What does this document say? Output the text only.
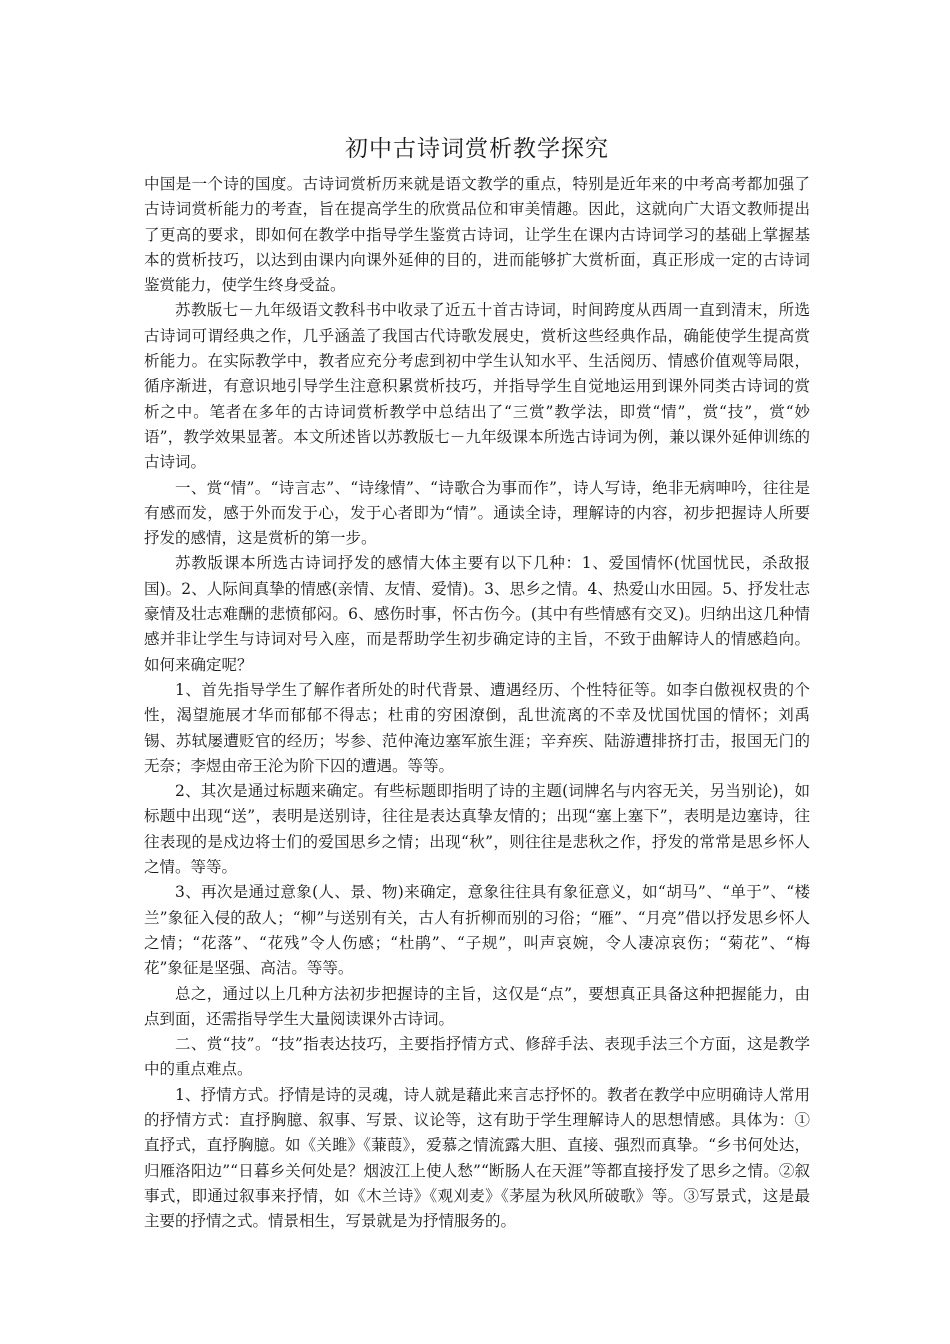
初中古诗词赏析教学探究

中国是一个诗的国度。古诗词赏析历来就是语文教学的重点，特别是近年来的中考高考都加强了古诗词赏析能力的考查，旨在提高学生的欣赏品位和审美情趣。因此，这就向广大语文教师提出了更高的要求，即如何在教学中指导学生鉴赏古诗词，让学生在课内古诗词学习的基础上掌握基本的赏析技巧，以达到由课内向课外延伸的目的，进而能够扩大赏析面，真正形成一定的古诗词鉴赏能力，使学生终身受益。

苏教版七－九年级语文教科书中收录了近五十首古诗词，时间跨度从西周一直到清末，所选古诗词可谓经典之作，几乎涵盖了我国古代诗歌发展史，赏析这些经典作品，确能使学生提高赏析能力。在实际教学中，教者应充分考虑到初中学生认知水平、生活阅历、情感价值观等局限，循序渐进，有意识地引导学生注意积累赏析技巧，并指导学生自觉地运用到课外同类古诗词的赏析之中。笔者在多年的古诗词赏析教学中总结出了“三赏”教学法，即赏“情”，赏“技”，赏“妙语”，教学效果显著。本文所述皆以苏教版七－九年级课本所选古诗词为例，兼以课外延伸训练的古诗词。

一、赏“情”。“诗言志”、“诗缘情”、“诗歌合为事而作”，诗人写诗，绝非无病呻吟，往往是有感而发，感于外而发于心，发于心者即为“情”。通读全诗，理解诗的内容，初步把握诗人所要抒发的感情，这是赏析的第一步。

苏教版课本所选古诗词抒发的感情大体主要有以下几种：1、爱国情怀(忧国忧民，杀敌报国)。2、人际间真挚的情感(亲情、友情、爱情)。3、思乡之情。4、热爱山水田园。5、抒发壮志豪情及壮志难酬的悲愤郁闷。6、感伤时事，怀古伤今。(其中有些情感有交叉)。归纳出这几种情感并非让学生与诗词对号入座，而是帮助学生初步确定诗的主旨，不致于曲解诗人的情感趋向。如何来确定呢？

1、首先指导学生了解作者所处的时代背景、遭遇经历、个性特征等。如李白傲视权贵的个性，渴望施展才华而郁郁不得志；杜甫的穷困潦倒，乱世流离的不幸及忧国忧国的情怀；刘禹锡、苏轼屡遭贬官的经历；岑参、范仲淹边塞军旅生涯；辛弃疾、陆游遭排挤打击，报国无门的无奈；李煜由帝王沦为阶下囚的遭遇。等等。

2、其次是通过标题来确定。有些标题即指明了诗的主题(词牌名与内容无关，另当别论)，如标题中出现“送”，表明是送别诗，往往是表达真挚友情的；出现“塞上塞下”，表明是边塞诗，往往表现的是戍边将士们的爱国思乡之情；出现“秋”，则往往是悲秋之作，抒发的常常是思乡怀人之情。等等。

3、再次是通过意象(人、景、物)来确定，意象往往具有象征意义，如“胡马”、“单于”、“楼兰”象征入侵的敌人；“柳”与送别有关，古人有折柳而别的习俗；“雁”、“月亮”借以抒发思乡怀人之情；“花落”、“花残”令人伤感；“杜鹃”、“子规”，叫声哀婉，令人凄凉哀伤；“菊花”、“梅花”象征是坚强、高洁。等等。

总之，通过以上几种方法初步把握诗的主旨，这仅是“点”，要想真正具备这种把握能力，由点到面，还需指导学生大量阅读课外古诗词。

二、赏“技”。“技”指表达技巧，主要指抒情方式、修辞手法、表现手法三个方面，这是教学中的重点难点。

1、抒情方式。抒情是诗的灵魂，诗人就是藉此来言志抒怀的。教者在教学中应明确诗人常用的抒情方式：直抒胸臆、叙事、写景、议论等，这有助于学生理解诗人的思想情感。具体为：①直抒式，直抒胸臆。如《关雎》《蒹葭》，爱慕之情流露大胆、直接、强烈而真挚。“乡书何处达，归雁洛阳边”“日暮乡关何处是？烟波江上使人愁”“断肠人在天涯”等都直接抒发了思乡之情。②叙事式，即通过叙事来抒情，如《木兰诗》《观刈麦》《茅屋为秋风所破歌》等。③写景式，这是最主要的抒情之式。情景相生，写景就是为抒情服务的。
